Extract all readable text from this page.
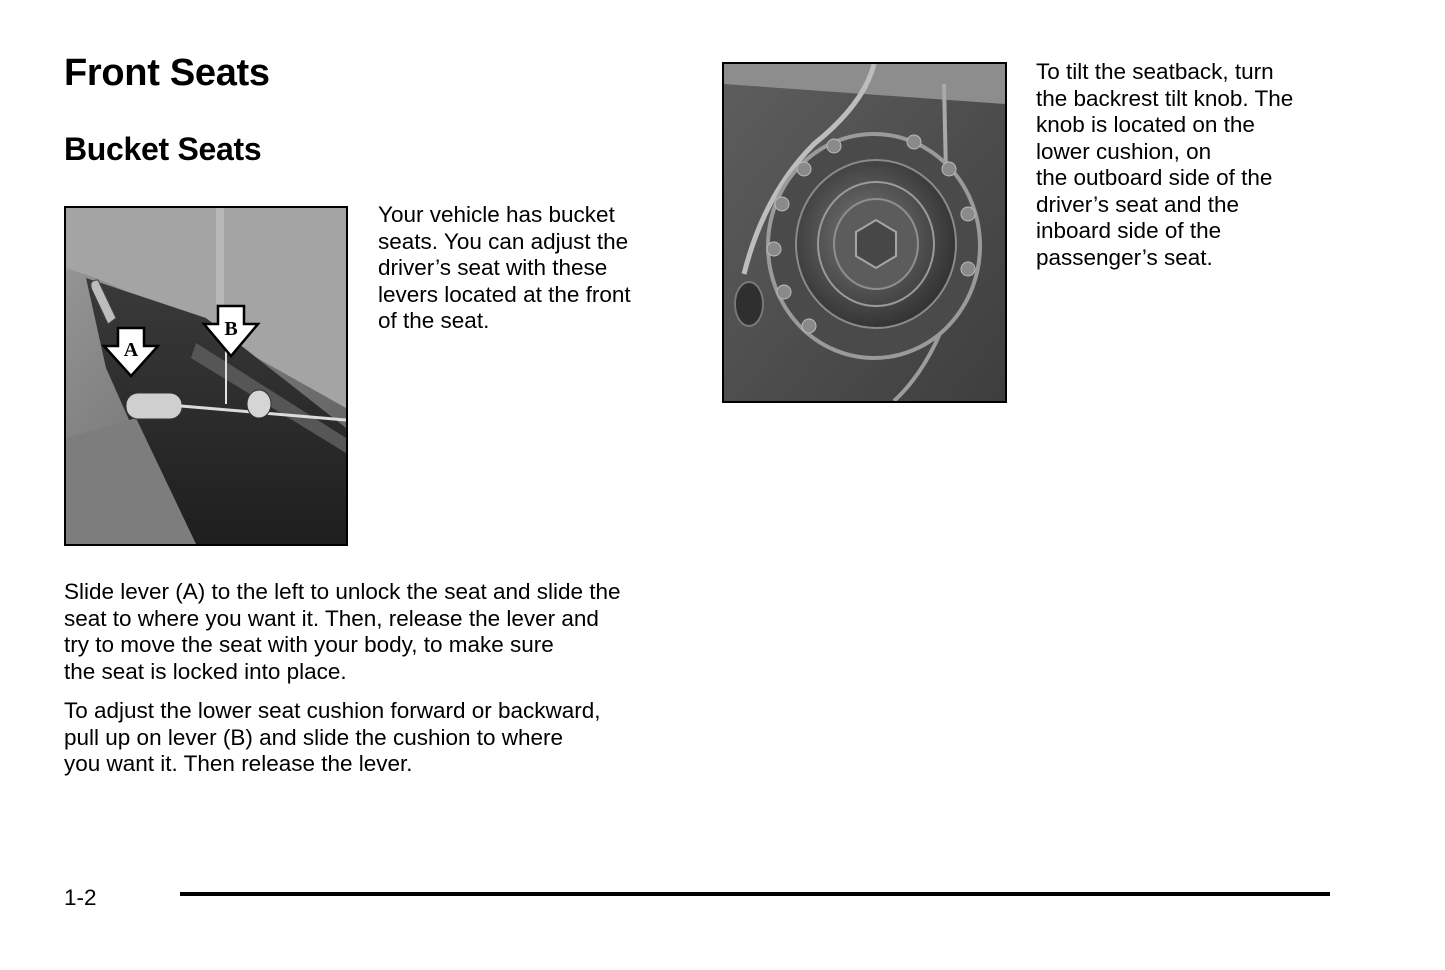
Front Seats
Bucket Seats
A
B
Your vehicle has bucket
seats. You can adjust the
driver’s seat with these
levers located at the front
of the seat.
Slide lever (A) to the left to unlock the seat and slide the
seat to where you want it. Then, release the lever and
try to move the seat with your body, to make sure
the seat is locked into place.
To adjust the lower seat cushion forward or backward,
pull up on lever (B) and slide the cushion to where
you want it. Then release the lever.
To tilt the seatback, turn
the backrest tilt knob. The
knob is located on the
lower cushion, on
the outboard side of the
driver’s seat and the
inboard side of the
passenger’s seat.
1-2
